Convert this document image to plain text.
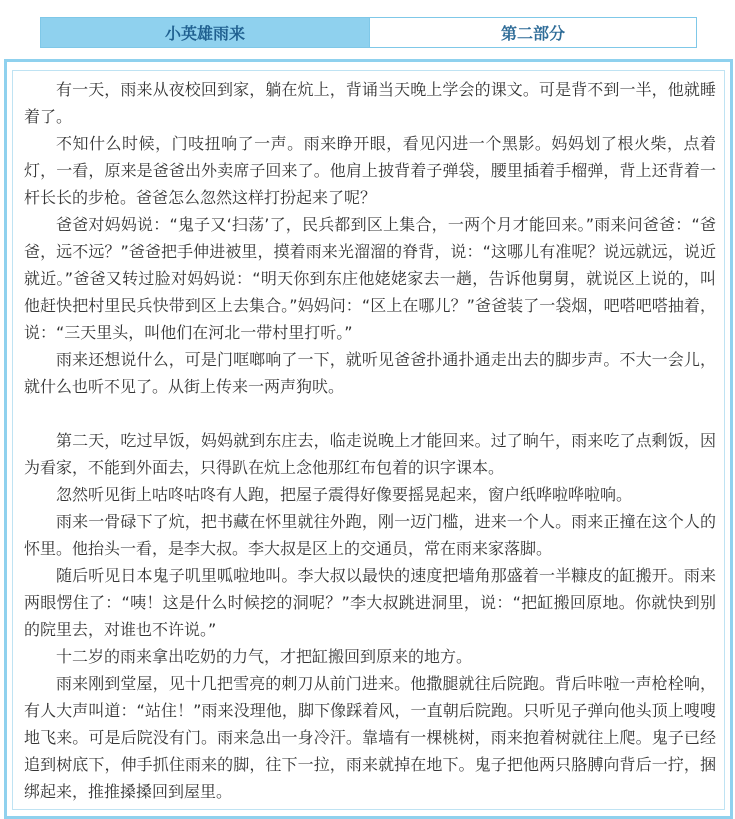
小英雄雨来	第二部分

有一天，雨来从夜校回到家，躺在炕上，背诵当天晚上学会的课文。可是背不到一半，他就睡着了。

不知什么时候，门吱扭响了一声。雨来睁开眼，看见闪进一个黑影。妈妈划了根火柴，点着灯，一看，原来是爸爸出外卖席子回来了。他肩上披背着子弹袋，腰里插着手榴弹，背上还背着一杆长长的步枪。爸爸怎么忽然这样打扮起来了呢？

爸爸对妈妈说：“鬼子又‘扫荡’了，民兵都到区上集合，一两个月才能回来。”雨来问爸爸：“爸爸，远不远？”爸爸把手伸进被里，摸着雨来光溜溜的脊背，说：“这哪儿有准呢？说远就远，说近就近。”爸爸又转过脸对妈妈说：“明天你到东庄他姥姥家去一趟，告诉他舅舅，就说区上说的，叫他赶快把村里民兵快带到区上去集合。”妈妈问：“区上在哪儿？”爸爸装了一袋烟，吧嗒吧嗒抽着，说：“三天里头，叫他们在河北一带村里打听。”

雨来还想说什么，可是门哐啷响了一下，就听见爸爸扑通扑通走出去的脚步声。不大一会儿，就什么也听不见了。从街上传来一两声狗吠。

第二天，吃过早饭，妈妈就到东庄去，临走说晚上才能回来。过了晌午，雨来吃了点剩饭，因为看家，不能到外面去，只得趴在炕上念他那红布包着的识字课本。

忽然听见街上咕咚咕咚有人跑，把屋子震得好像要摇晃起来，窗户纸哗啦哗啦响。

雨来一骨碌下了炕，把书藏在怀里就往外跑，刚一迈门槛，进来一个人。雨来正撞在这个人的怀里。他抬头一看，是李大叔。李大叔是区上的交通员，常在雨来家落脚。

随后听见日本鬼子叽里呱啦地叫。李大叔以最快的速度把墙角那盛着一半糠皮的缸搬开。雨来两眼愣住了：“咦！这是什么时候挖的洞呢？”李大叔跳进洞里，说：“把缸搬回原地。你就快到别的院里去，对谁也不许说。”

十二岁的雨来拿出吃奶的力气，才把缸搬回到原来的地方。

雨来刚到堂屋，见十几把雪亮的刺刀从前门进来。他撒腿就往后院跑。背后咔啦一声枪栓响，有人大声叫道：“站住！”雨来没理他，脚下像踩着风，一直朝后院跑。只听见子弹向他头顶上嗖嗖地飞来。可是后院没有门。雨来急出一身冷汗。靠墙有一棵桃树，雨来抱着树就往上爬。鬼子已经追到树底下，伸手抓住雨来的脚，往下一拉，雨来就掉在地下。鬼子把他两只胳膊向背后一拧，捆绑起来，推推搡搡回到屋里。
